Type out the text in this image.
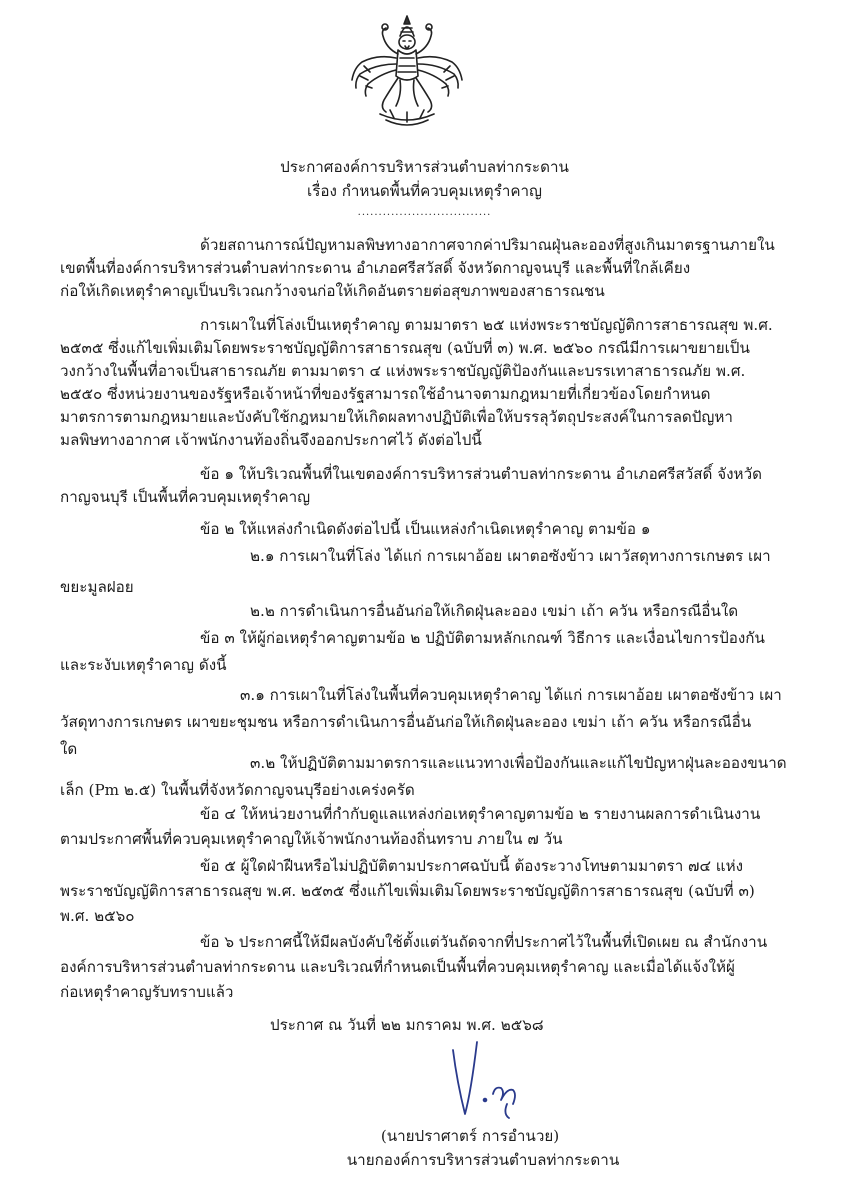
ประกาศองค์การบริหารส่วนตำบลท่ากระดาน
เรื่อง กำหนดพื้นที่ควบคุมเหตุรำคาญ
................................
ด้วยสถานการณ์ปัญหามลพิษทางอากาศจากค่าปริมาณฝุ่นละอองที่สูงเกินมาตรฐานภายใน
เขตพื้นที่องค์การบริหารส่วนตำบลท่ากระดาน อำเภอศรีสวัสดิ์ จังหวัดกาญจนบุรี และพื้นที่ใกล้เคียง
ก่อให้เกิดเหตุรำคาญเป็นบริเวณกว้างจนก่อให้เกิดอันตรายต่อสุขภาพของสาธารณชน
การเผาในที่โล่งเป็นเหตุรำคาญ ตามมาตรา ๒๕ แห่งพระราชบัญญัติการสาธารณสุข พ.ศ.
๒๕๓๕ ซึ่งแก้ไขเพิ่มเติมโดยพระราชบัญญัติการสาธารณสุข (ฉบับที่ ๓) พ.ศ. ๒๕๖๐ กรณีมีการเผาขยายเป็น
วงกว้างในพื้นที่อาจเป็นสาธารณภัย ตามมาตรา ๔ แห่งพระราชบัญญัติป้องกันและบรรเทาสาธารณภัย พ.ศ.
๒๕๕๐ ซึ่งหน่วยงานของรัฐหรือเจ้าหน้าที่ของรัฐสามารถใช้อำนาจตามกฎหมายที่เกี่ยวข้องโดยกำหนด
มาตรการตามกฎหมายและบังคับใช้กฎหมายให้เกิดผลทางปฏิบัติเพื่อให้บรรลุวัตถุประสงค์ในการลดปัญหา
มลพิษทางอากาศ เจ้าพนักงานท้องถิ่นจึงออกประกาศไว้ ดังต่อไปนี้
ข้อ ๑ ให้บริเวณพื้นที่ในเขตองค์การบริหารส่วนตำบลท่ากระดาน อำเภอศรีสวัสดิ์ จังหวัด
กาญจนบุรี เป็นพื้นที่ควบคุมเหตุรำคาญ
ข้อ ๒ ให้แหล่งกำเนิดดังต่อไปนี้ เป็นแหล่งกำเนิดเหตุรำคาญ ตามข้อ ๑
๒.๑ การเผาในที่โล่ง ได้แก่ การเผาอ้อย เผาตอซังข้าว เผาวัสดุทางการเกษตร เผา
ขยะมูลฝอย
๒.๒ การดำเนินการอื่นอันก่อให้เกิดฝุ่นละออง เขม่า เถ้า ควัน หรือกรณีอื่นใด
ข้อ ๓ ให้ผู้ก่อเหตุรำคาญตามข้อ ๒ ปฏิบัติตามหลักเกณฑ์ วิธีการ และเงื่อนไขการป้องกัน
และระงับเหตุรำคาญ ดังนี้
๓.๑ การเผาในที่โล่งในพื้นที่ควบคุมเหตุรำคาญ ได้แก่ การเผาอ้อย เผาตอซังข้าว เผา
วัสดุทางการเกษตร เผาขยะชุมชน หรือการดำเนินการอื่นอันก่อให้เกิดฝุ่นละออง เขม่า เถ้า ควัน หรือกรณีอื่น
ใด
๓.๒ ให้ปฏิบัติตามมาตรการและแนวทางเพื่อป้องกันและแก้ไขปัญหาฝุ่นละอองขนาด
เล็ก (Pm ๒.๕) ในพื้นที่จังหวัดกาญจนบุรีอย่างเคร่งครัด
ข้อ ๔ ให้หน่วยงานที่กำกับดูแลแหล่งก่อเหตุรำคาญตามข้อ ๒ รายงานผลการดำเนินงาน
ตามประกาศพื้นที่ควบคุมเหตุรำคาญให้เจ้าพนักงานท้องถิ่นทราบ ภายใน ๗ วัน
ข้อ ๕ ผู้ใดฝ่าฝืนหรือไม่ปฏิบัติตามประกาศฉบับนี้ ต้องระวางโทษตามมาตรา ๗๔ แห่ง
พระราชบัญญัติการสาธารณสุข พ.ศ. ๒๕๓๕ ซึ่งแก้ไขเพิ่มเติมโดยพระราชบัญญัติการสาธารณสุข (ฉบับที่ ๓)
พ.ศ. ๒๕๖๐
ข้อ ๖ ประกาศนี้ให้มีผลบังคับใช้ตั้งแต่วันถัดจากที่ประกาศไว้ในพื้นที่เปิดเผย ณ สำนักงาน
องค์การบริหารส่วนตำบลท่ากระดาน และบริเวณที่กำหนดเป็นพื้นที่ควบคุมเหตุรำคาญ และเมื่อได้แจ้งให้ผู้
ก่อเหตุรำคาญรับทราบแล้ว
ประกาศ ณ วันที่ ๒๒ มกราคม พ.ศ. ๒๕๖๘
(นายปราศาตร์ การอำนวย)
นายกองค์การบริหารส่วนตำบลท่ากระดาน
